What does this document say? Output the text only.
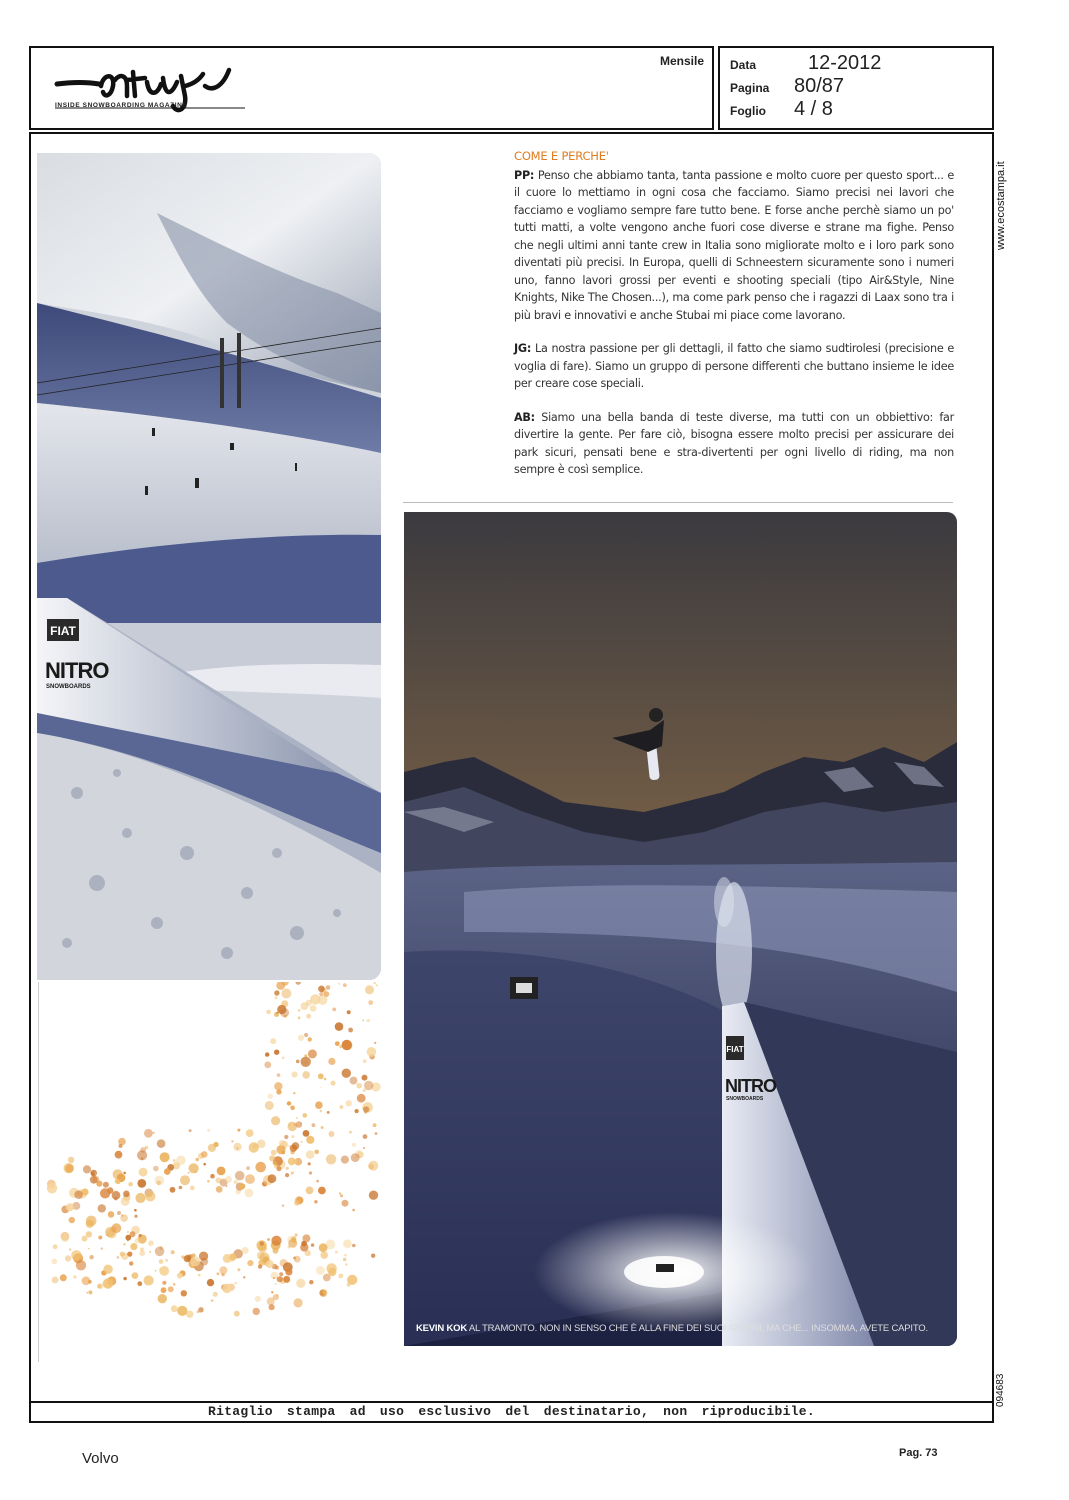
INSIDE SNOWBOARDING MAGAZINE
Mensile Data	12-2012
Pagina	80/87
Foglio	4 / 8
FIAT
NITRO
SNOWBOARDS
COME E PERCHE'

PP: Penso che abbiamo tanta, tanta passione e molto cuore per questo sport... e il cuore lo mettiamo in ogni cosa che facciamo. Siamo precisi nei lavori che facciamo e vogliamo sempre fare tutto bene. E forse anche perchè siamo un po' tutti matti, a volte vengono anche fuori cose diverse e strane ma fighe. Penso che negli ultimi anni tante crew in Italia sono migliorate molto e i loro park sono diventati più precisi. In Europa, quelli di Schneestern sicuramente sono i numeri uno, fanno lavori grossi per eventi e shooting speciali (tipo Air&Style, Nine Knights, Nike The Chosen...), ma come park penso che i ragazzi di Laax sono tra i più bravi e innovativi e anche Stubai mi piace come lavorano.

JG: La nostra passione per gli dettagli, il fatto che siamo sudtirolesi (precisione e voglia di fare). Siamo un gruppo di persone differenti che buttano insieme le idee per creare cose speciali.

AB: Siamo una bella banda di teste diverse, ma tutti con un obbiettivo: far divertire la gente. Per fare ciò, bisogna essere molto precisi per assicurare dei park sicuri, pensati bene e stra-divertenti per ogni livello di riding, ma non sempre è così semplice.

FIAT
NITRO
SNOWBOARDS
KEVIN KOK AL TRAMONTO. NON IN SENSO CHE È ALLA FINE DEI SUOI GIORNI, MA CHE... INSOMMA, AVETE CAPITO.
Ritaglio stampa ad uso esclusivo del destinatario, non riproducibile.
www.ecostampa.it
094683
Volvo	Pag. 73
